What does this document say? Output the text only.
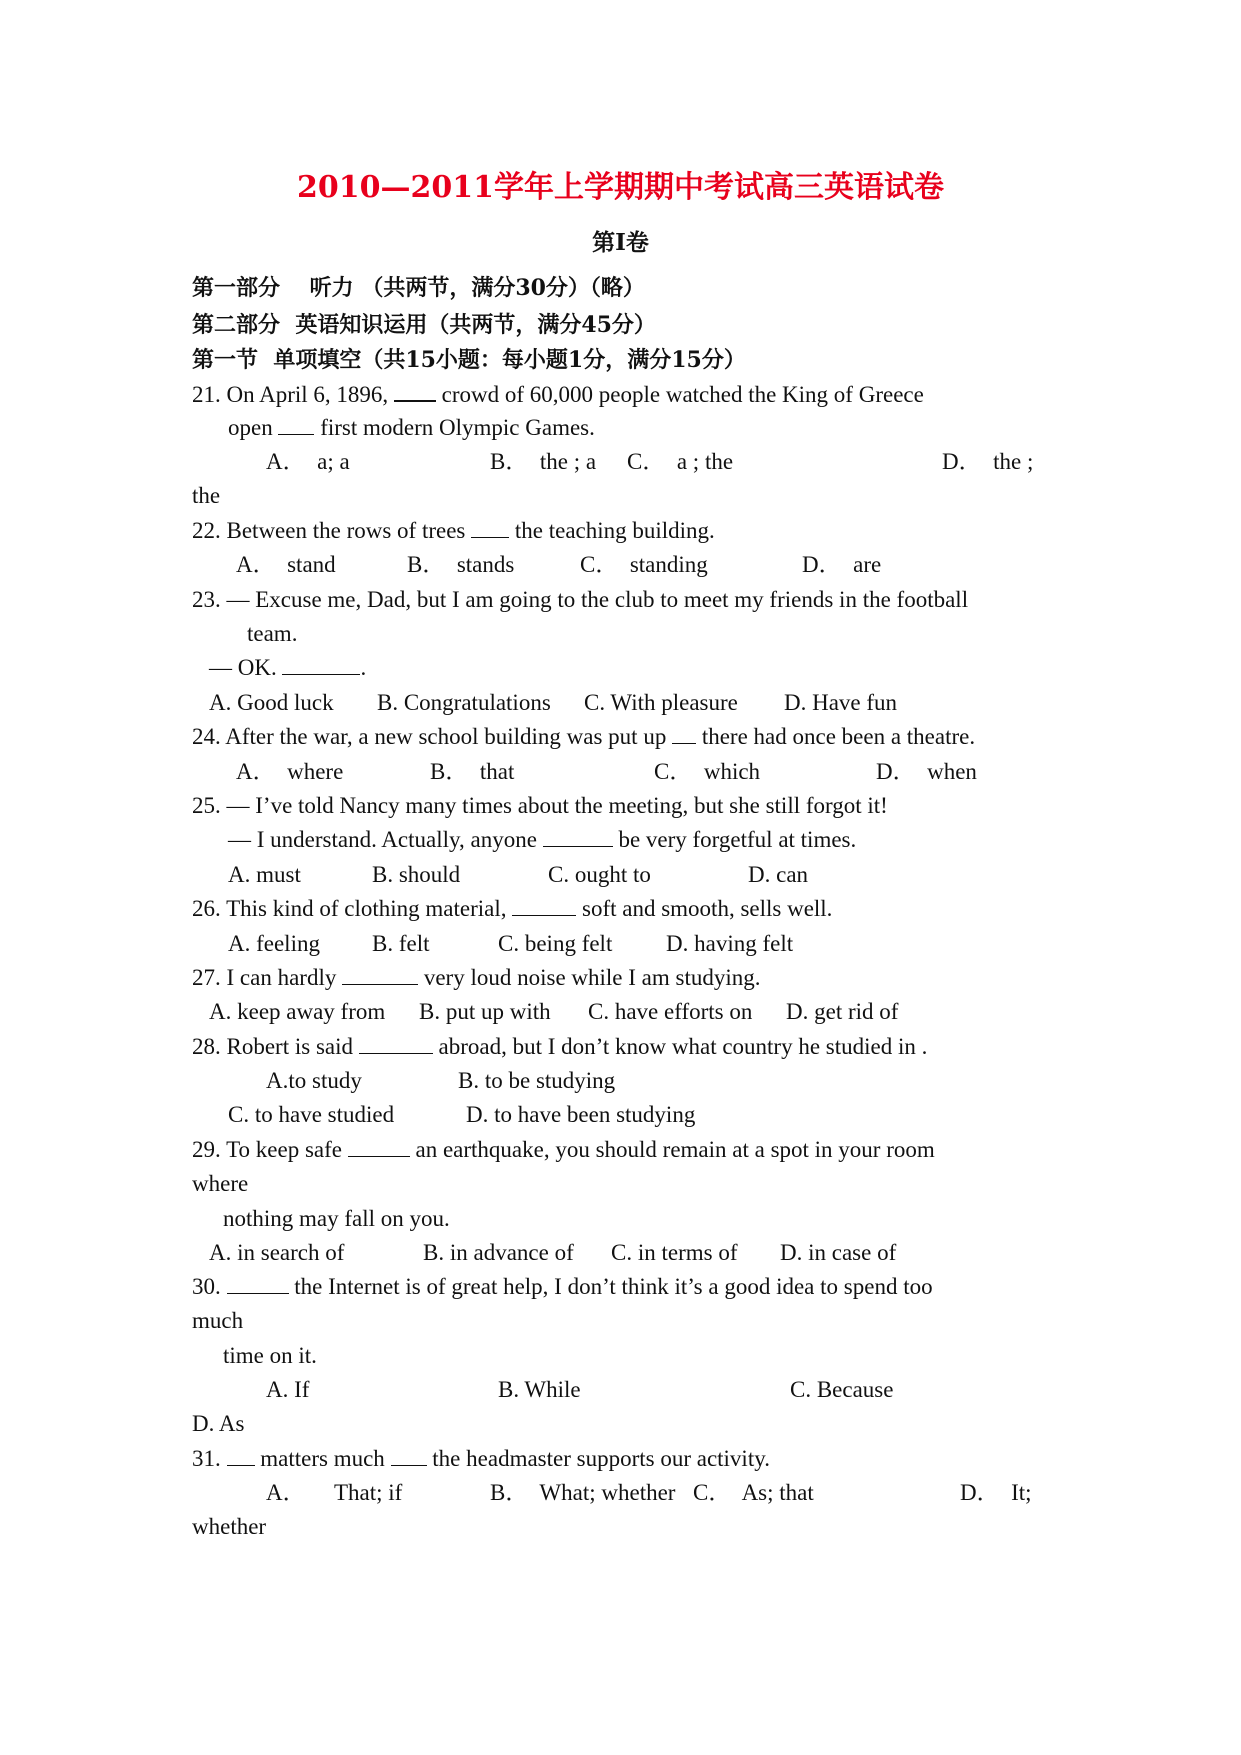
2010—2011学年上学期期中考试高三英语试卷
第Ⅰ卷
第一部分　 听力 （共两节，满分30分）（略）
第二部分  英语知识运用（共两节，满分45分）
第一节  单项填空（共15小题：每小题1分，满分15分）
21. On April 6, 1896,  crowd of 60,000 people watched the King of Greece
open  first modern Olympic Games.
A．  a; a	B．  the ; a C．  a ; the	D．  the ;
the
22. Between the rows of trees  the teaching building.
A．  stand	B．  stands	C．  standing	D．  are
23. — Excuse me, Dad, but I am going to the club to meet my friends in the football
team.
— OK.	.
A. Good luck B. Congratulations C. With pleasure D. Have fun
24. After the war, a new school building was put up  there had once been a theatre.
A．  where	B．  that	C．  which	D．  when
25. — I’ve told Nancy many times about the meeting, but she still forgot it!
— I understand. Actually, anyone	be very forgetful at times.
A. must	B. should	C. ought to	D. can
26. This kind of clothing material,	soft and smooth, sells well.
A. feeling B. felt	C. being felt D. having felt
27. I can hardly	very loud noise while I am studying.
A. keep away from B. put up with C. have efforts on D. get rid of
28. Robert is said	abroad, but I don’t know what country he studied in .
A.to study	B. to be studying
C. to have studied	D. to have been studying
29. To keep safe	an earthquake, you should remain at a spot in your room
where
nothing may fall on you.
A. in search of	B. in advance of C. in terms of D. in case of
30.	the Internet is of great help, I don’t think it’s a good idea to spend too
much
time on it.
A. If	B. While	C. Because
D. As
31.  matters much  the headmaster supports our activity.
A．     That; if	B．  What; whether C．  As; that	D．  It;
whether
